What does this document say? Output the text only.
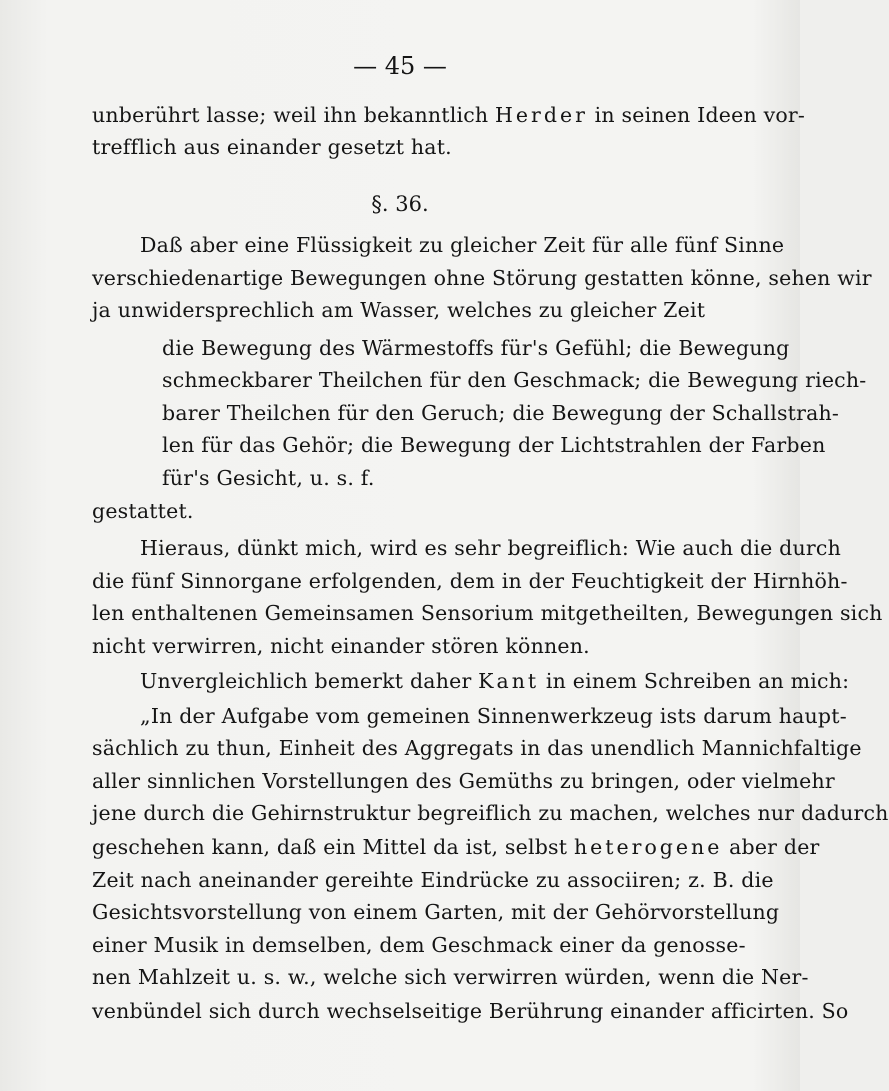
— 45 —
§. 36.
unberührt lasse; weil ihn bekanntlich Herder in seinen Ideen vor-
trefflich aus einander gesetzt hat.
Daß aber eine Flüssigkeit zu gleicher Zeit für alle fünf Sinne
verschiedenartige Bewegungen ohne Störung gestatten könne, sehen wir
ja unwidersprechlich am Wasser, welches zu gleicher Zeit
die Bewegung des Wärmestoffs für's Gefühl; die Bewegung
schmeckbarer Theilchen für den Geschmack; die Bewegung riech-
barer Theilchen für den Geruch; die Bewegung der Schallstrah-
len für das Gehör; die Bewegung der Lichtstrahlen der Farben
für's Gesicht, u. s. f.
gestattet.
Hieraus, dünkt mich, wird es sehr begreiflich: Wie auch die durch
die fünf Sinnorgane erfolgenden, dem in der Feuchtigkeit der Hirnhöh-
len enthaltenen Gemeinsamen Sensorium mitgetheilten, Bewegungen sich
nicht verwirren, nicht einander stören können.
Unvergleichlich bemerkt daher Kant in einem Schreiben an mich:
„In der Aufgabe vom gemeinen Sinnenwerkzeug ists darum haupt-
sächlich zu thun, Einheit des Aggregats in das unendlich Mannichfaltige
aller sinnlichen Vorstellungen des Gemüths zu bringen, oder vielmehr
jene durch die Gehirnstruktur begreiflich zu machen, welches nur dadurch
geschehen kann, daß ein Mittel da ist, selbst heterogene aber der
Zeit nach aneinander gereihte Eindrücke zu associiren; z. B. die
Gesichtsvorstellung von einem Garten, mit der Gehörvorstellung
einer Musik in demselben, dem Geschmack einer da genosse-
nen Mahlzeit u. s. w., welche sich verwirren würden, wenn die Ner-
venbündel sich durch wechselseitige Berührung einander afficirten. So
